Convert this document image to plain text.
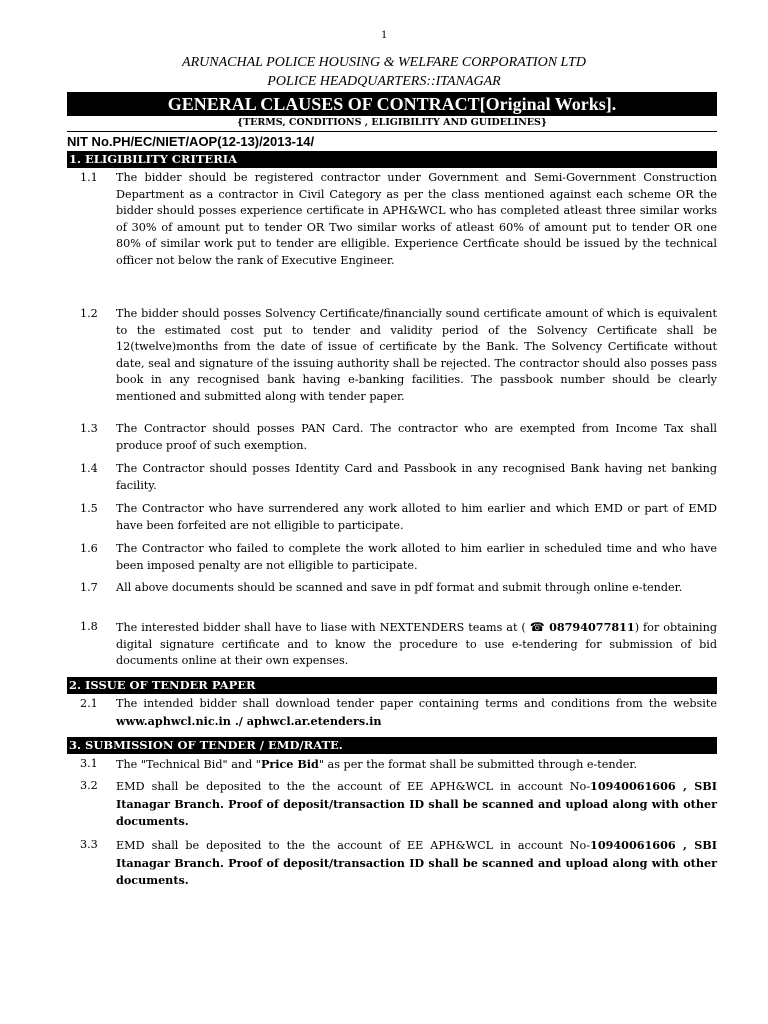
1
ARUNACHAL POLICE HOUSING & WELFARE CORPORATION LTD
POLICE HEADQUARTERS::ITANAGAR
GENERAL CLAUSES OF CONTRACT[Original Works].
{TERMS, CONDITIONS , ELIGIBILITY AND GUIDELINES}
NIT No.PH/EC/NIET/AOP(12-13)/2013-14/
1. ELIGIBILITY CRITERIA
1.1 The bidder should be registered contractor under Government and Semi-Government Construction Department as a contractor in Civil Category as per the class mentioned against each scheme OR the bidder should posses experience certificate in APH&WCL who has completed atleast three similar works of 30% of amount put to tender OR Two similar works of atleast 60% of amount put to tender OR one 80% of similar work put to tender are elligible. Experience Certficate should be issued by the technical officer not below the rank of Executive Engineer.
1.2 The bidder should posses Solvency Certificate/financially sound certificate amount of which is equivalent to the estimated cost put to tender and validity period of the Solvency Certificate shall be 12(twelve)months from the date of issue of certificate by the Bank. The Solvency Certificate without date, seal and signature of the issuing authority shall be rejected. The contractor should also posses pass book in any recognised bank having e-banking facilities. The passbook number should be clearly mentioned and submitted along with tender paper.
1.3 The Contractor should posses PAN Card. The contractor who are exempted from Income Tax shall produce proof of such exemption.
1.4 The Contractor should posses Identity Card and Passbook in any recognised Bank having net banking facility.
1.5 The Contractor who have surrendered any work alloted to him earlier and which EMD or part of EMD have been forfeited are not elligible to participate.
1.6 The Contractor who failed to complete the work alloted to him earlier in scheduled time and who have been imposed penalty are not elligible to participate.
1.7 All above documents should be scanned and save in pdf format and submit through online e-tender.
1.8 The interested bidder shall have to liase with NEXTENDERS teams at ( ☎ 08794077811) for obtaining digital signature certificate and to know the procedure to use e-tendering for submission of bid documents online at their own expenses.
2. ISSUE OF TENDER PAPER
2.1 The intended bidder shall download tender paper containing terms and conditions from the website www.aphwcl.nic.in ./ aphwcl.ar.etenders.in
3. SUBMISSION OF TENDER / EMD/RATE.
3.1 The "Technical Bid" and "Price Bid" as per the format shall be submitted through e-tender.
3.2 EMD shall be deposited to the the account of EE APH&WCL in account No-10940061606 , SBI Itanagar Branch. Proof of deposit/transaction ID shall be scanned and upload along with other documents.
3.3 EMD shall be deposited to the the account of EE APH&WCL in account No-10940061606 , SBI Itanagar Branch. Proof of deposit/transaction ID shall be scanned and upload along with other documents.
